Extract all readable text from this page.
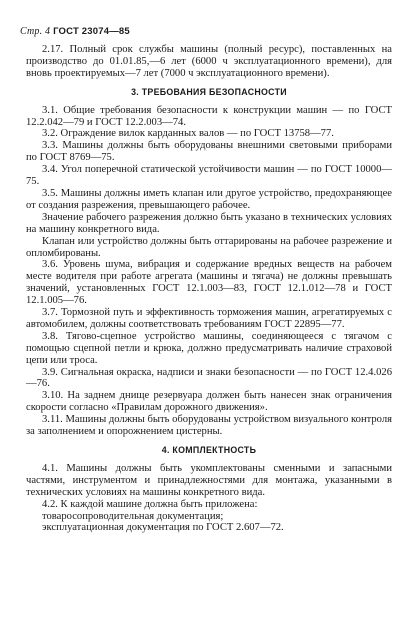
Стр. 4 ГОСТ 23074—85

2.17. Полный срок службы машины (полный ресурс), поставленных на производство до 01.01.85,—6 лет (6000 ч эксплуатационного времени), для вновь проектируемых—7 лет (7000 ч эксплуатационного времени).

3. ТРЕБОВАНИЯ БЕЗОПАСНОСТИ

3.1. Общие требования безопасности к конструкции машин — по ГОСТ 12.2.042—79 и ГОСТ 12.2.003—74.

3.2. Ограждение вилок карданных валов — по ГОСТ 13758—77.

3.3. Машины должны быть оборудованы внешними световыми приборами по ГОСТ 8769—75.

3.4. Угол поперечной статической устойчивости машин — по ГОСТ 10000—75.

3.5. Машины должны иметь клапан или другое устройство, предохраняющее от создания разрежения, превышающего рабочее.

Значение рабочего разрежения должно быть указано в технических условиях на машину конкретного вида.

Клапан или устройство должны быть оттарированы на рабочее разрежение и опломбированы.

3.6. Уровень шума, вибрация и содержание вредных веществ на рабочем месте водителя при работе агрегата (машины и тягача) не должны превышать значений, установленных ГОСТ 12.1.003—83, ГОСТ 12.1.012—78 и ГОСТ 12.1.005—76.

3.7. Тормозной путь и эффективность торможения машин, агрегатируемых с автомобилем, должны соответствовать требованиям ГОСТ 22895—77.

3.8. Тягово-сцепное устройство машины, соединяющееся с тягачом с помощью сцепной петли и крюка, должно предусматривать наличие страховой цепи или троса.

3.9. Сигнальная окраска, надписи и знаки безопасности — по ГОСТ 12.4.026—76.

3.10. На заднем днище резервуара должен быть нанесен знак ограничения скорости согласно «Правилам дорожного движения».

3.11. Машины должны быть оборудованы устройством визуального контроля за заполнением и опорожнением цистерны.

4. КОМПЛЕКТНОСТЬ

4.1. Машины должны быть укомплектованы сменными и запасными частями, инструментом и принадлежностями для монтажа, указанными в технических условиях на машины конкретного вида.

4.2. К каждой машине должна быть приложена:

товаросопроводительная документация;

эксплуатационная документация по ГОСТ 2.607—72.
